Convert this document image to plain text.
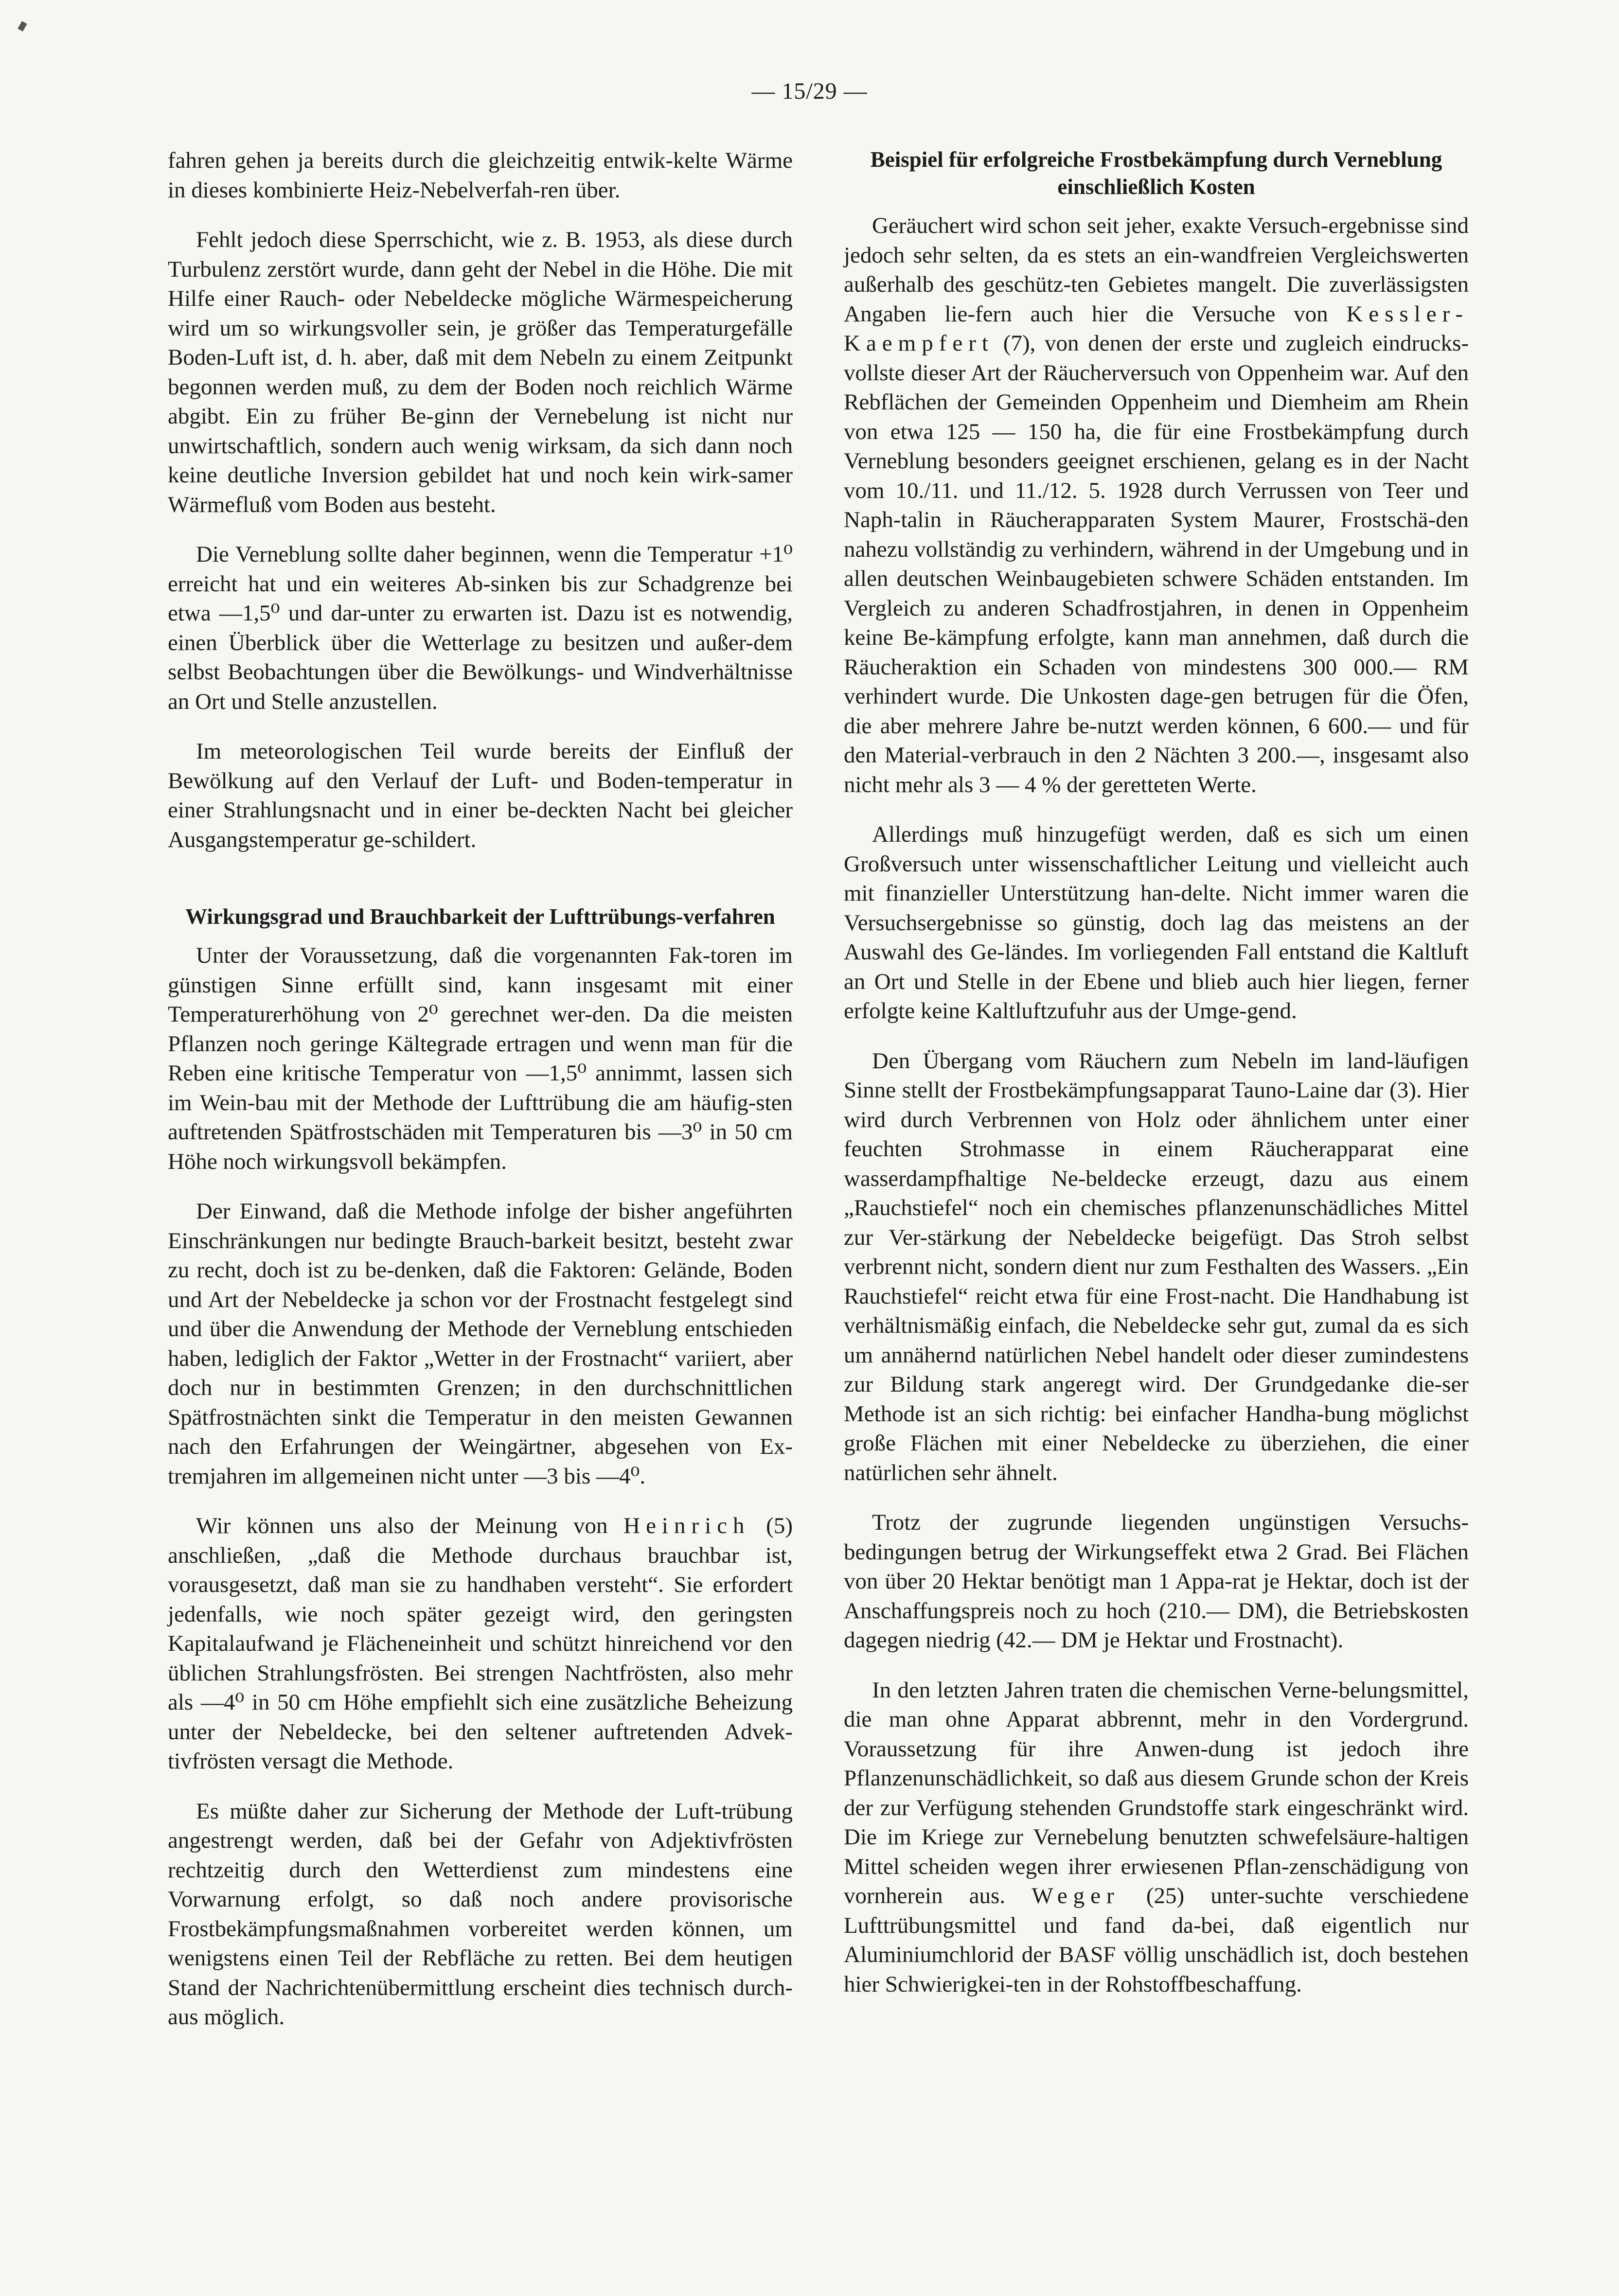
— 15/29 —

fahren gehen ja bereits durch die gleichzeitig entwik-kelte Wärme in dieses kombinierte Heiz-Nebelverfah-ren über.

Fehlt jedoch diese Sperrschicht, wie z. B. 1953, als diese durch Turbulenz zerstört wurde, dann geht der Nebel in die Höhe. Die mit Hilfe einer Rauch- oder Nebeldecke mögliche Wärmespeicherung wird um so wirkungsvoller sein, je größer das Temperaturgefälle Boden-Luft ist, d. h. aber, daß mit dem Nebeln zu einem Zeitpunkt begonnen werden muß, zu dem der Boden noch reichlich Wärme abgibt. Ein zu früher Be-ginn der Vernebelung ist nicht nur unwirtschaftlich, sondern auch wenig wirksam, da sich dann noch keine deutliche Inversion gebildet hat und noch kein wirk-samer Wärmefluß vom Boden aus besteht.

Die Verneblung sollte daher beginnen, wenn die Temperatur +1⁰ erreicht hat und ein weiteres Ab-sinken bis zur Schadgrenze bei etwa —1,5⁰ und dar-unter zu erwarten ist. Dazu ist es notwendig, einen Überblick über die Wetterlage zu besitzen und außer-dem selbst Beobachtungen über die Bewölkungs- und Windverhältnisse an Ort und Stelle anzustellen.

Im meteorologischen Teil wurde bereits der Einfluß der Bewölkung auf den Verlauf der Luft- und Boden-temperatur in einer Strahlungsnacht und in einer be-deckten Nacht bei gleicher Ausgangstemperatur ge-schildert.

Wirkungsgrad und Brauchbarkeit der Lufttrübungs-verfahren

Unter der Voraussetzung, daß die vorgenannten Fak-toren im günstigen Sinne erfüllt sind, kann insgesamt mit einer Temperaturerhöhung von 2⁰ gerechnet wer-den. Da die meisten Pflanzen noch geringe Kältegrade ertragen und wenn man für die Reben eine kritische Temperatur von —1,5⁰ annimmt, lassen sich im Wein-bau mit der Methode der Lufttrübung die am häufig-sten auftretenden Spätfrostschäden mit Temperaturen bis —3⁰ in 50 cm Höhe noch wirkungsvoll bekämpfen.

Der Einwand, daß die Methode infolge der bisher angeführten Einschränkungen nur bedingte Brauch-barkeit besitzt, besteht zwar zu recht, doch ist zu be-denken, daß die Faktoren: Gelände, Boden und Art der Nebeldecke ja schon vor der Frostnacht festgelegt sind und über die Anwendung der Methode der Verneblung entschieden haben, lediglich der Faktor „Wetter in der Frostnacht“ variiert, aber doch nur in bestimmten Grenzen; in den durchschnittlichen Spätfrostnächten sinkt die Temperatur in den meisten Gewannen nach den Erfahrungen der Weingärtner, abgesehen von Ex-tremjahren im allgemeinen nicht unter —3 bis —4⁰.

Wir können uns also der Meinung von Heinrich (5) anschließen, „daß die Methode durchaus brauchbar ist, vorausgesetzt, daß man sie zu handhaben versteht“. Sie erfordert jedenfalls, wie noch später gezeigt wird, den geringsten Kapitalaufwand je Flächeneinheit und schützt hinreichend vor den üblichen Strahlungsfrösten. Bei strengen Nachtfrösten, also mehr als —4⁰ in 50 cm Höhe empfiehlt sich eine zusätzliche Beheizung unter der Nebeldecke, bei den seltener auftretenden Advek-tivfrösten versagt die Methode.

Es müßte daher zur Sicherung der Methode der Luft-trübung angestrengt werden, daß bei der Gefahr von Adjektivfrösten rechtzeitig durch den Wetterdienst zum mindestens eine Vorwarnung erfolgt, so daß noch andere provisorische Frostbekämpfungsmaßnahmen vorbereitet werden können, um wenigstens einen Teil der Rebfläche zu retten. Bei dem heutigen Stand der Nachrichtenübermittlung erscheint dies technisch durch-aus möglich.

Beispiel für erfolgreiche Frostbekämpfung durch Verneblung einschließlich Kosten

Geräuchert wird schon seit jeher, exakte Versuch-ergebnisse sind jedoch sehr selten, da es stets an ein-wandfreien Vergleichswerten außerhalb des geschütz-ten Gebietes mangelt. Die zuverlässigsten Angaben lie-fern auch hier die Versuche von Kessler-Kaempfert (7), von denen der erste und zugleich eindrucks-vollste dieser Art der Räucherversuch von Oppenheim war. Auf den Rebflächen der Gemeinden Oppenheim und Diemheim am Rhein von etwa 125 — 150 ha, die für eine Frostbekämpfung durch Verneblung besonders geeignet erschienen, gelang es in der Nacht vom 10./11. und 11./12. 5. 1928 durch Verrussen von Teer und Naph-talin in Räucherapparaten System Maurer, Frostschä-den nahezu vollständig zu verhindern, während in der Umgebung und in allen deutschen Weinbaugebieten schwere Schäden entstanden. Im Vergleich zu anderen Schadfrostjahren, in denen in Oppenheim keine Be-kämpfung erfolgte, kann man annehmen, daß durch die Räucheraktion ein Schaden von mindestens 300 000.— RM verhindert wurde. Die Unkosten dage-gen betrugen für die Öfen, die aber mehrere Jahre be-nutzt werden können, 6 600.— und für den Material-verbrauch in den 2 Nächten 3 200.—, insgesamt also nicht mehr als 3 — 4 % der geretteten Werte.

Allerdings muß hinzugefügt werden, daß es sich um einen Großversuch unter wissenschaftlicher Leitung und vielleicht auch mit finanzieller Unterstützung han-delte. Nicht immer waren die Versuchsergebnisse so günstig, doch lag das meistens an der Auswahl des Ge-ländes. Im vorliegenden Fall entstand die Kaltluft an Ort und Stelle in der Ebene und blieb auch hier liegen, ferner erfolgte keine Kaltluftzufuhr aus der Umge-gend.

Den Übergang vom Räuchern zum Nebeln im land-läufigen Sinne stellt der Frostbekämpfungsapparat Tauno-Laine dar (3). Hier wird durch Verbrennen von Holz oder ähnlichem unter einer feuchten Strohmasse in einem Räucherapparat eine wasserdampfhaltige Ne-beldecke erzeugt, dazu aus einem „Rauchstiefel“ noch ein chemisches pflanzenunschädliches Mittel zur Ver-stärkung der Nebeldecke beigefügt. Das Stroh selbst verbrennt nicht, sondern dient nur zum Festhalten des Wassers. „Ein Rauchstiefel“ reicht etwa für eine Frost-nacht. Die Handhabung ist verhältnismäßig einfach, die Nebeldecke sehr gut, zumal da es sich um annähernd natürlichen Nebel handelt oder dieser zumindestens zur Bildung stark angeregt wird. Der Grundgedanke die-ser Methode ist an sich richtig: bei einfacher Handha-bung möglichst große Flächen mit einer Nebeldecke zu überziehen, die einer natürlichen sehr ähnelt.

Trotz der zugrunde liegenden ungünstigen Versuchs-bedingungen betrug der Wirkungseffekt etwa 2 Grad. Bei Flächen von über 20 Hektar benötigt man 1 Appa-rat je Hektar, doch ist der Anschaffungspreis noch zu hoch (210.— DM), die Betriebskosten dagegen niedrig (42.— DM je Hektar und Frostnacht).

In den letzten Jahren traten die chemischen Verne-belungsmittel, die man ohne Apparat abbrennt, mehr in den Vordergrund. Voraussetzung für ihre Anwen-dung ist jedoch ihre Pflanzenunschädlichkeit, so daß aus diesem Grunde schon der Kreis der zur Verfügung stehenden Grundstoffe stark eingeschränkt wird. Die im Kriege zur Vernebelung benutzten schwefelsäure-haltigen Mittel scheiden wegen ihrer erwiesenen Pflan-zenschädigung von vornherein aus. Weger (25) unter-suchte verschiedene Lufttrübungsmittel und fand da-bei, daß eigentlich nur Aluminiumchlorid der BASF völlig unschädlich ist, doch bestehen hier Schwierigkei-ten in der Rohstoffbeschaffung.
